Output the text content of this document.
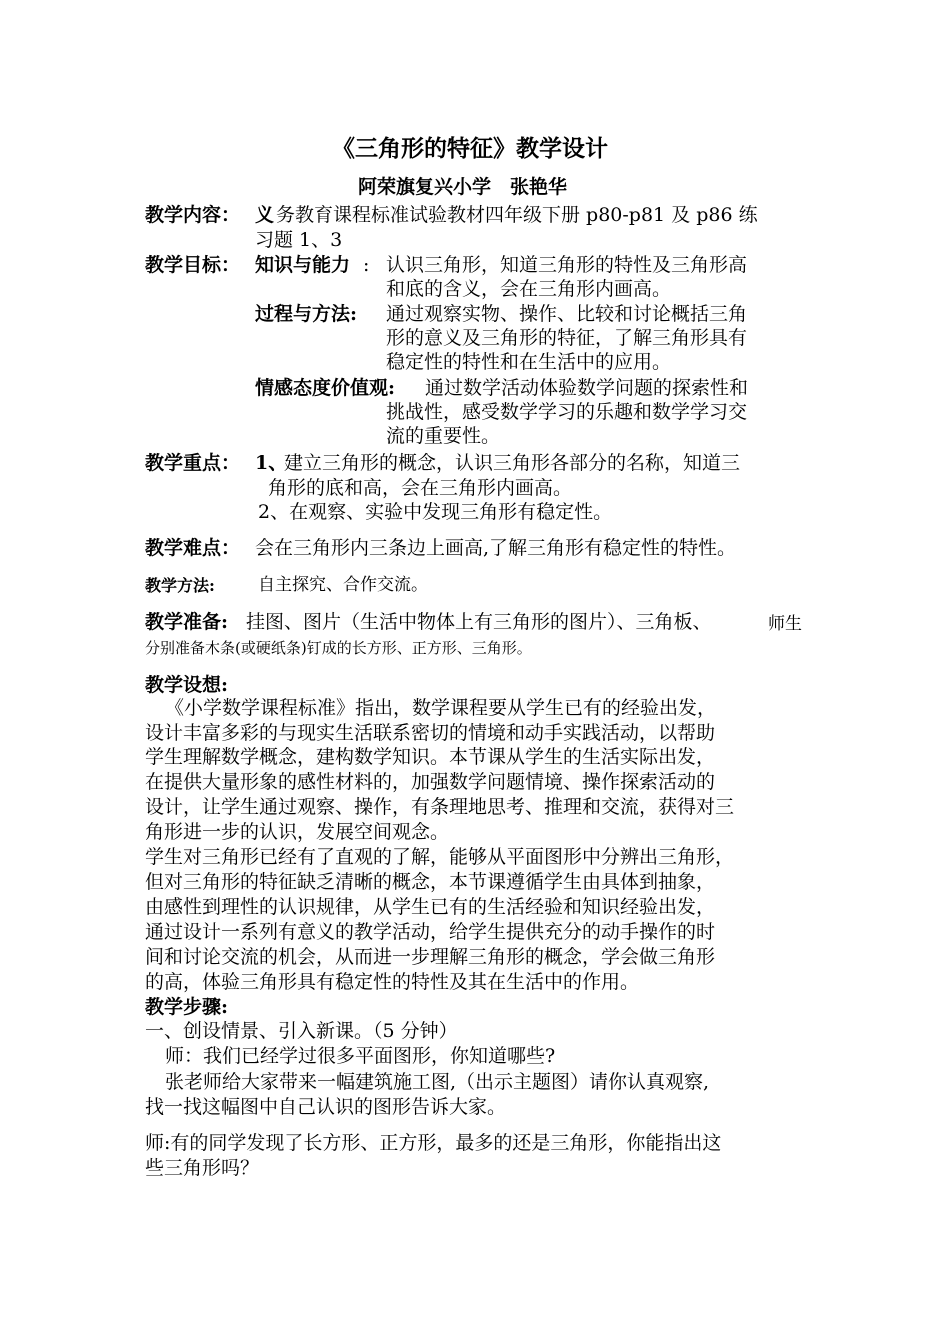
《三角形的特征》教学设计
阿荣旗复兴小学　张艳华
教学内容： 义 务教育课程标准试验教材四年级下册 p80-p81 及 p86 练
习题 1、3
教学目标： 知识与能力 : 认识三角形，知道三角形的特性及三角形高
和底的含义，会在三角形内画高。
过程与方法: 通过观察实物、操作、比较和讨论概括三角
形的意义及三角形的特征，了解三角形具有
稳定性的特性和在生活中的应用。
情感态度价值观: 通过数学活动体验数学问题的探索性和
挑战性，感受数学学习的乐趣和数学学习交
流的重要性。
教学重点： 1、
建立三角形的概念，认识三角形各部分的名称，知道三
角形的底和高，会在三角形内画高。
2、在观察、实验中发现三角形有稳定性。
教学难点： 会在三角形内三条边上画高,了解三角形有稳定性的特性。
教学方法:	自主探究、合作交流。
教学准备: 挂图、图片（生活中物体上有三角形的图片）、三角板、	师生
分别准备木条(或硬纸条)钉成的长方形、正方形、三角形。
教学设想:
《小学数学课程标准》指出，数学课程要从学生已有的经验出发，
设计丰富多彩的与现实生活联系密切的情境和动手实践活动，以帮助
学生理解数学概念，建构数学知识。本节课从学生的生活实际出发，
在提供大量形象的感性材料的，加强数学问题情境、操作探索活动的
设计，让学生通过观察、操作，有条理地思考、推理和交流，获得对三
角形进一步的认识，发展空间观念。
学生对三角形已经有了直观的了解，能够从平面图形中分辨出三角形，
但对三角形的特征缺乏清晰的概念，本节课遵循学生由具体到抽象，
由感性到理性的认识规律，从学生已有的生活经验和知识经验出发，
通过设计一系列有意义的教学活动，给学生提供充分的动手操作的时
间和讨论交流的机会，从而进一步理解三角形的概念，学会做三角形
的高，体验三角形具有稳定性的特性及其在生活中的作用。
教学步骤:
一、创设情景、引入新课。（5 分钟）
师：我们已经学过很多平面图形，你知道哪些?
张老师给大家带来一幅建筑施工图,（出示主题图）请你认真观察,
找一找这幅图中自己认识的图形告诉大家。
师:有的同学发现了长方形、正方形，最多的还是三角形，你能指出这
些三角形吗？
